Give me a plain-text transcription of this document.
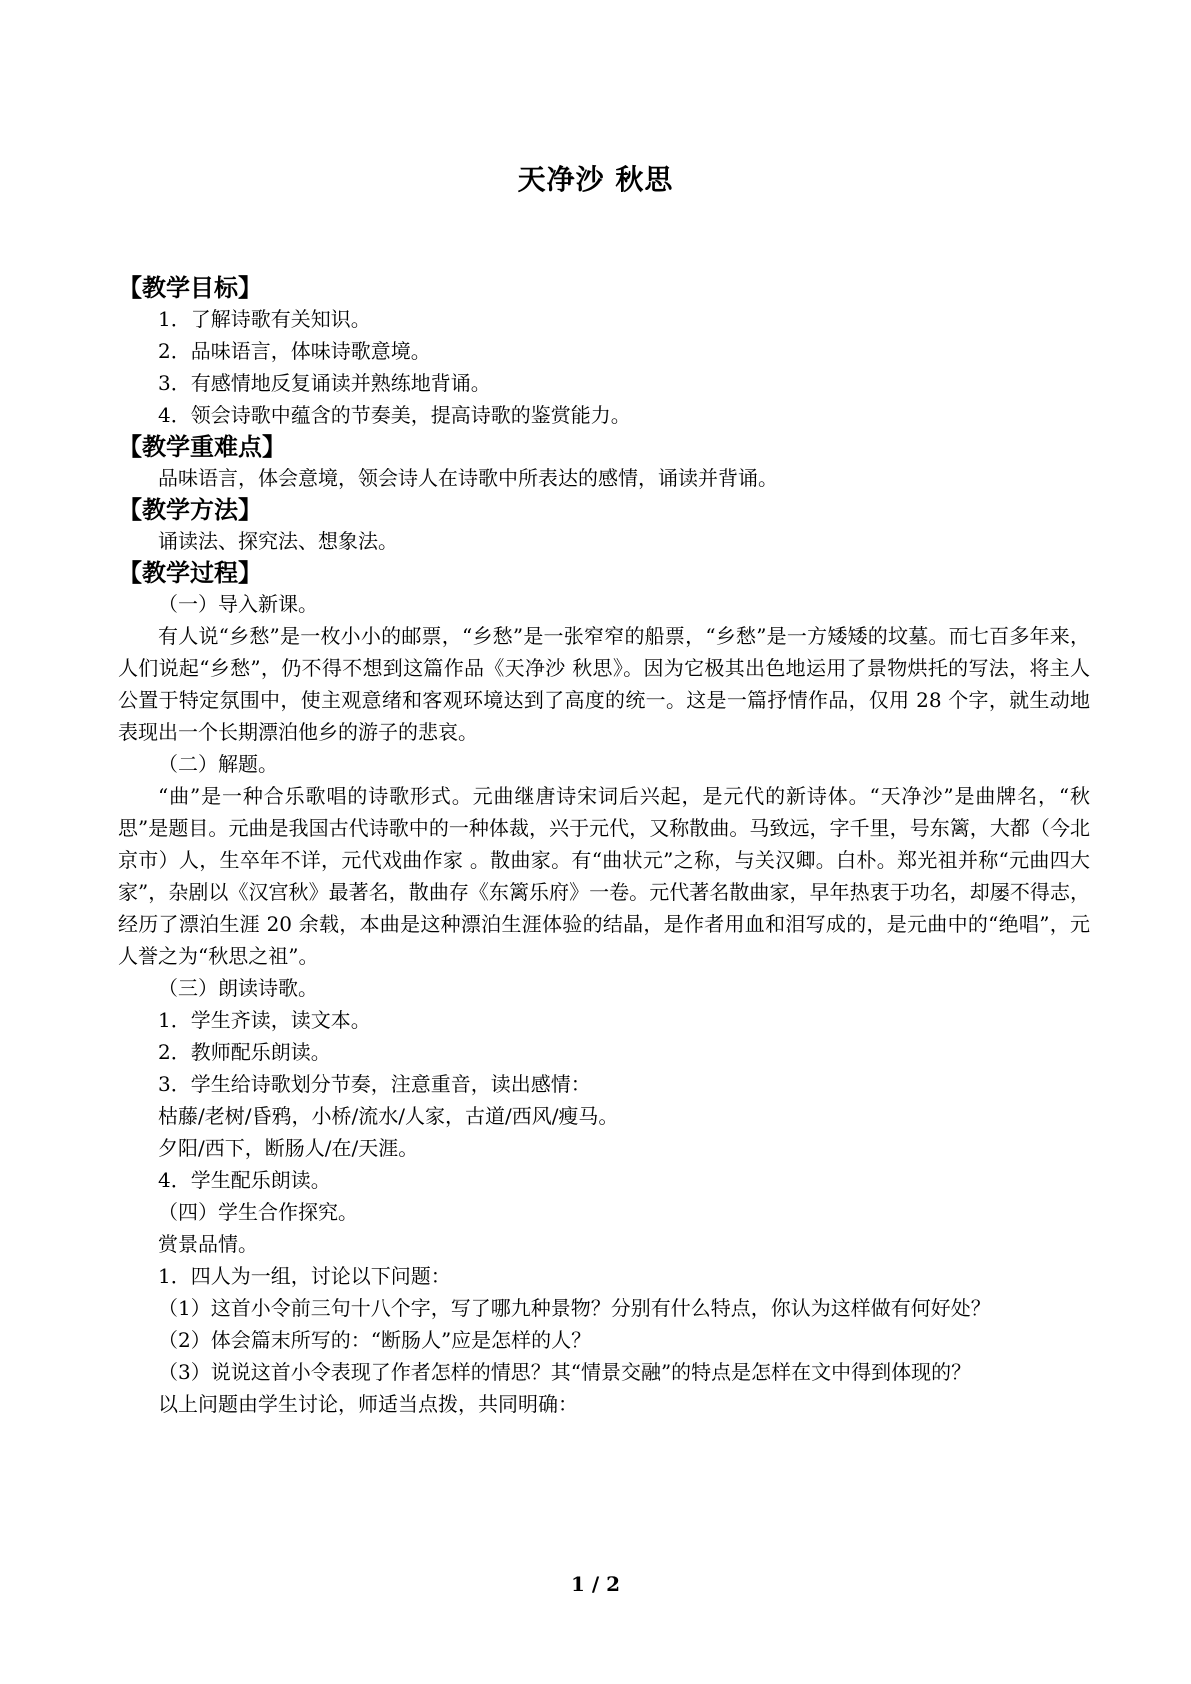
天净沙 秋思
【教学目标】
1．了解诗歌有关知识。
2．品味语言，体味诗歌意境。
3．有感情地反复诵读并熟练地背诵。
4．领会诗歌中蕴含的节奏美，提高诗歌的鉴赏能力。
【教学重难点】
品味语言，体会意境，领会诗人在诗歌中所表达的感情，诵读并背诵。
【教学方法】
诵读法、探究法、想象法。
【教学过程】
（一）导入新课。
有人说“乡愁”是一枚小小的邮票，“乡愁”是一张窄窄的船票，“乡愁”是一方矮矮的坟墓。而七百多年来，人们说起“乡愁”，仍不得不想到这篇作品《天净沙 秋思》。因为它极其出色地运用了景物烘托的写法，将主人公置于特定氛围中，使主观意绪和客观环境达到了高度的统一。这是一篇抒情作品，仅用 28 个字，就生动地表现出一个长期漂泊他乡的游子的悲哀。
（二）解题。
“曲”是一种合乐歌唱的诗歌形式。元曲继唐诗宋词后兴起，是元代的新诗体。“天净沙”是曲牌名，“秋思”是题目。元曲是我国古代诗歌中的一种体裁，兴于元代，又称散曲。马致远，字千里，号东篱，大都（今北京市）人，生卒年不详，元代戏曲作家 。散曲家。有“曲状元”之称，与关汉卿。白朴。郑光祖并称“元曲四大家”，杂剧以《汉宫秋》最著名，散曲存《东篱乐府》一卷。元代著名散曲家，早年热衷于功名，却屡不得志，经历了漂泊生涯 20 余载，本曲是这种漂泊生涯体验的结晶，是作者用血和泪写成的，是元曲中的“绝唱”，元人誉之为“秋思之祖”。
（三）朗读诗歌。
1．学生齐读，读文本。
2．教师配乐朗读。
3．学生给诗歌划分节奏，注意重音，读出感情：
枯藤/老树/昏鸦，小桥/流水/人家，古道/西风/瘦马。
夕阳/西下，断肠人/在/天涯。
4．学生配乐朗读。
（四）学生合作探究。
赏景品情。
1．四人为一组，讨论以下问题：
（1）这首小令前三句十八个字，写了哪九种景物？分别有什么特点，你认为这样做有何好处？
（2）体会篇末所写的：“断肠人”应是怎样的人？
（3）说说这首小令表现了作者怎样的情思？其“情景交融”的特点是怎样在文中得到体现的？
以上问题由学生讨论，师适当点拨，共同明确：
1 / 2
